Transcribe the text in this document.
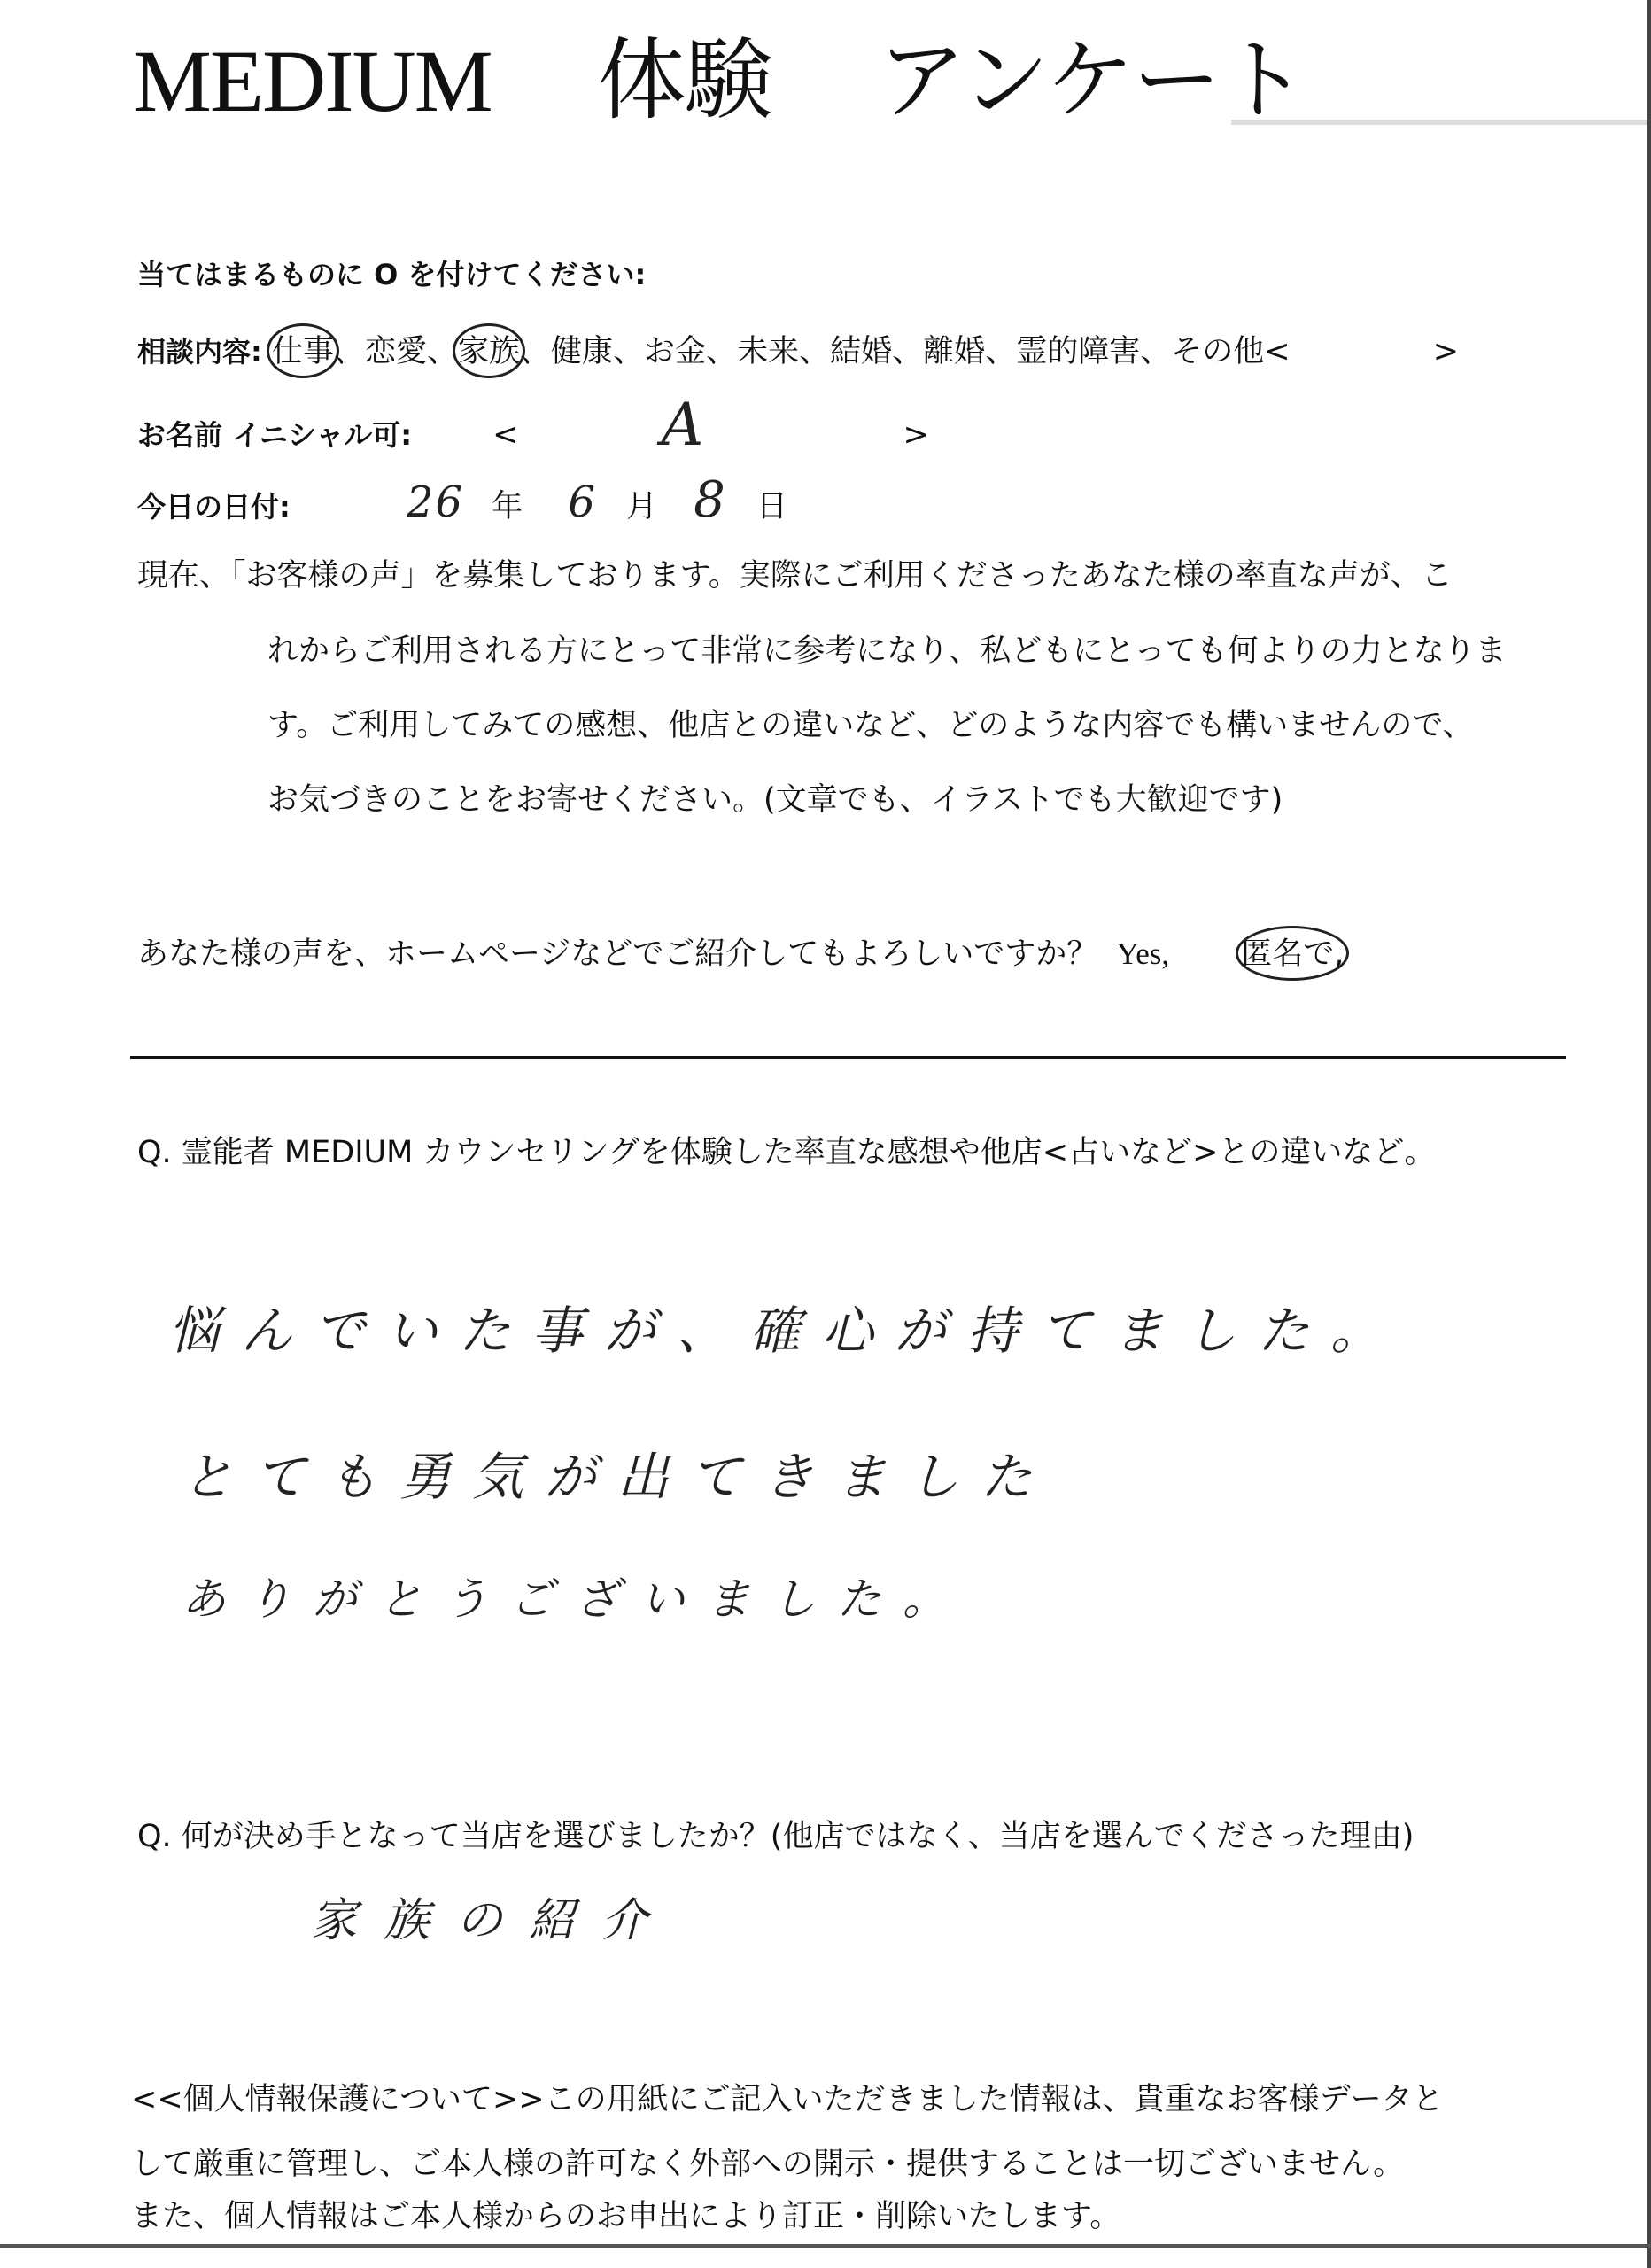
MEDIUM 体験 アンケート
当てはまるものに O を付けてください:
相談内容: 仕事、恋愛、家族、健康、お金、未来、結婚、離婚、霊的障害、その他<	>
お名前 イニシャル可:	< A	>
今日の日付:	26 年 6 月 8 日
現在、「お客様の声」を募集しております。実際にご利用くださったあなた様の率直な声が、こ
れからご利用される方にとって非常に参考になり、私どもにとっても何よりの力となりま
す。ご利用してみての感想、他店との違いなど、どのような内容でも構いませんので、
お気づきのことをお寄せください。(文章でも、イラストでも大歓迎です)
あなた様の声を、ホームページなどでご紹介してもよろしいですか？ Yes, 匿名で,
Q. 霊能者 MEDIUM カウンセリングを体験した率直な感想や他店<占いなど>との違いなど。
悩んでいた事が、確心が持てました。
とても勇気が出てきました
ありがとうございました。
Q. 何が決め手となって当店を選びましたか？(他店ではなく、当店を選んでくださった理由)
家族の紹介
<<個人情報保護について>>この用紙にご記入いただきました情報は、貴重なお客様データと
して厳重に管理し、ご本人様の許可なく外部への開示・提供することは一切ございません。
また、個人情報はご本人様からのお申出により訂正・削除いたします。
